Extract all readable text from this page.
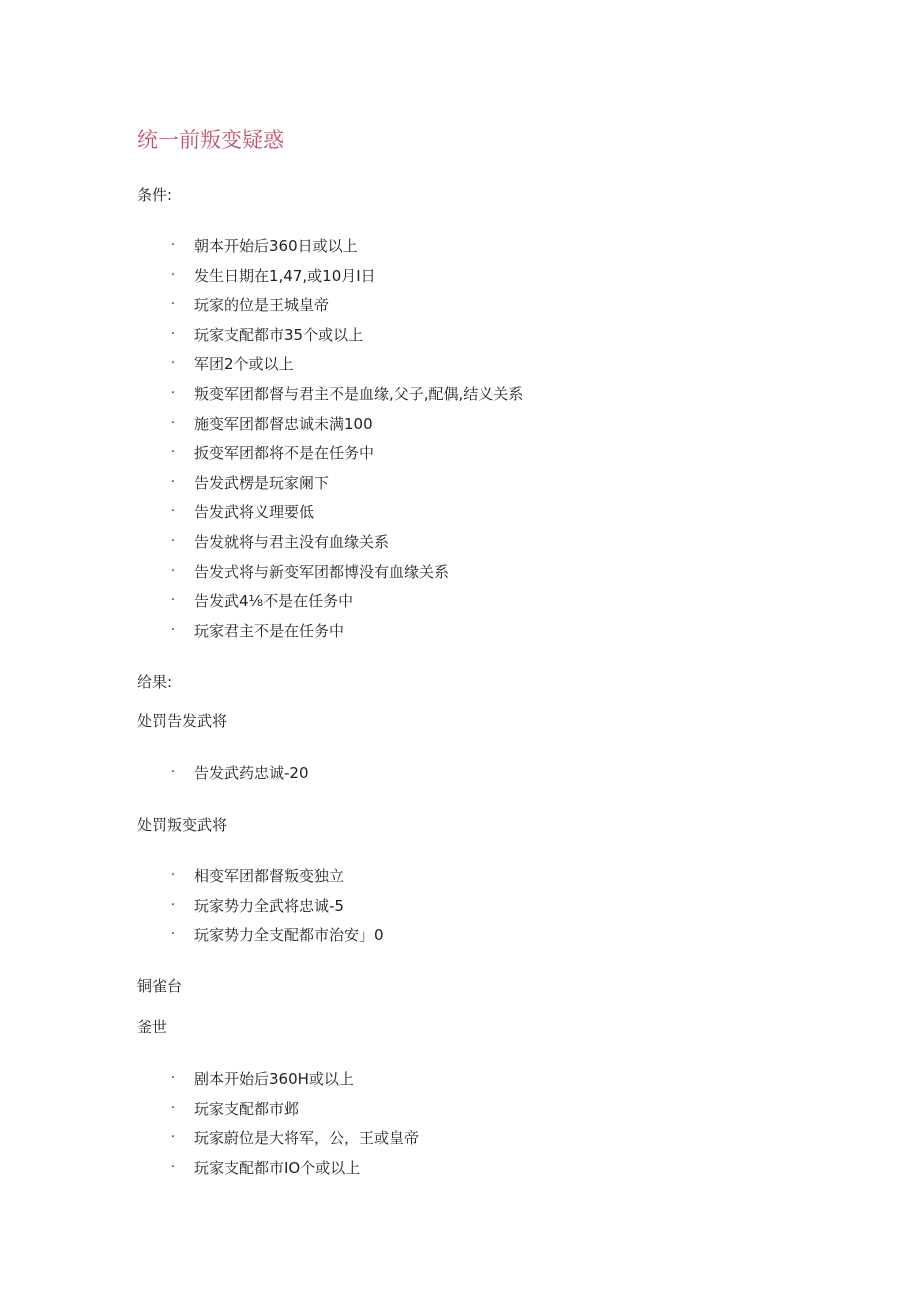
统一前叛变疑惑
条件:
· 朝本开始后360日或以上
· 发生日期在1,47,或10月I日
· 玩家的位是王城皇帝
· 玩家支配都市35个或以上
· 军团2个或以上
· 叛变军团都督与君主不是血缘,父子,配偶,结义关系
· 施变军团都督忠诚未满100
· 扳变军团都将不是在任务中
· 告发武楞是玩家阑下
· 告发武将义理要低
· 告发就将与君主没有血缘关系
· 告发式将与新变军团都博没有血缘关系
· 告发武4⅛不是在任务中
· 玩家君主不是在任务中
给果:
处罚告发武将
· 告发武药忠诚-20
处罚叛变武将
· 相变军团都督叛变独立
· 玩家势力全武将忠诚-5
· 玩家势力全支配都市治安」0
铜雀台
釜世
· 剧本开始后360H或以上
· 玩家支配都市邺
· 玩家蔚位是大将军，公，王或皇帝
· 玩家支配都市IO个或以上
